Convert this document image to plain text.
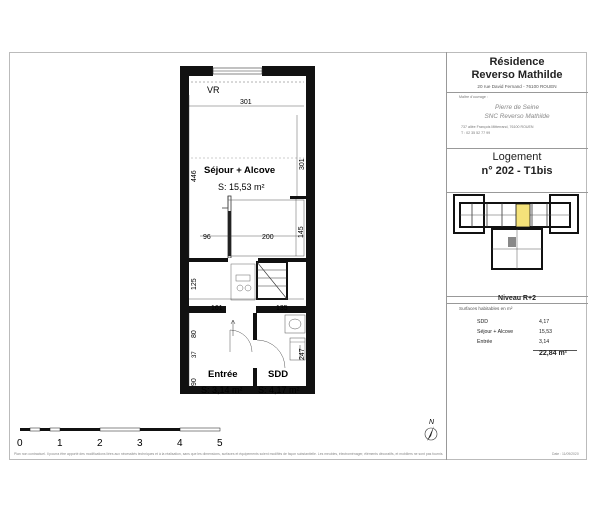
VR
301
301
446 Séjour + Alcove
S: 15,53 m²
96	200	145
125
161	135
80
247
37
90
Entrée
S: 3,14 m²
SDD
S: 4,17 m²
0	1	2	3	4	5
N
Résidence
Reverso Mathilde
20 rue David Fernand - 76100 ROUEN
Maître d'ouvrage :
Pierre de Seine
SNC Reverso Mathilde
737 allée François Mitterrand, 76100 ROUEN
T : 02 35 52 77 99
Logement
n° 202 - T1bis
Niveau R+2
Surfaces habitables en m²
SDD	4,17
Séjour + Alcove	15,53
Entrée	3,14
22,84 m²
Plan non contractuel. Il pourra être apporté des modifications liées aux nécessités techniques et à la réalisation, sans que les dimensions, surfaces et équipements soient modifiés de façon substantielle. Les meubles, électroménager, éléments décoratifs, et mobiliers ne sont pas fournis.	Date : 11/09/2020
